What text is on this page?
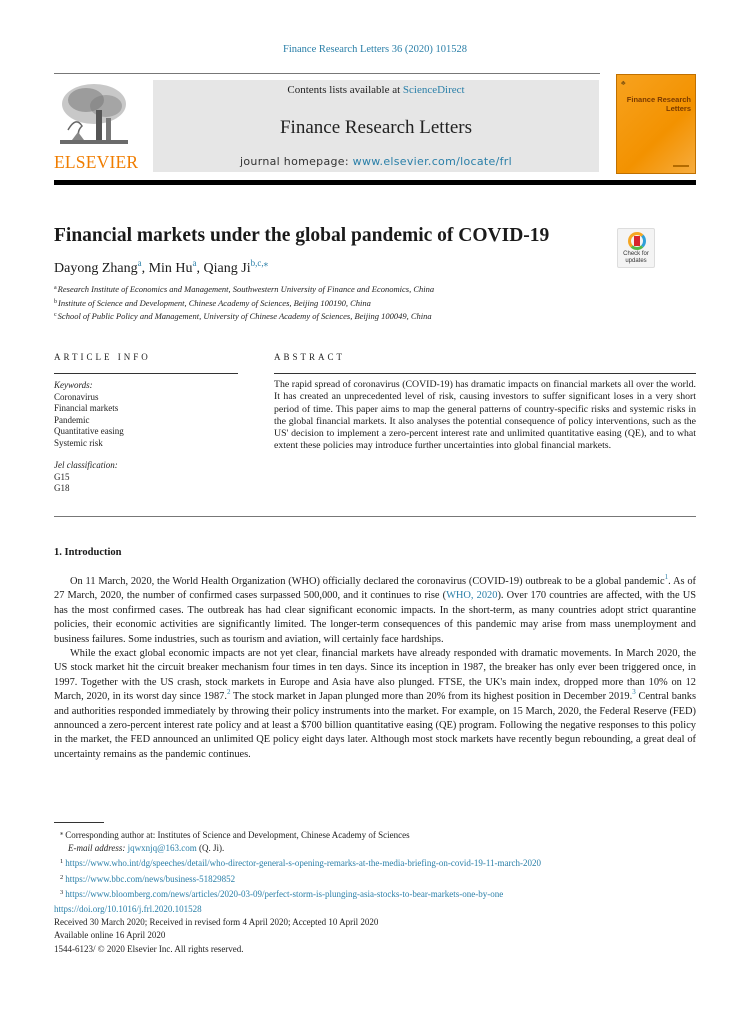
Finance Research Letters 36 (2020) 101528
ELSEVIER
Contents lists available at ScienceDirect
Finance Research Letters
journal homepage: www.elsevier.com/locate/frl
♣
Finance Research
Letters
Financial markets under the global pandemic of COVID-19
Check for
updates
Dayong Zhang$^a$, Min Hu$^a$, Qiang $Ji^{b,c,⁎}$
$^a$Research Institute of Economics and Management, Southwestern University of Finance and Economics, China
$^b$Institute of Science and Development, Chinese Academy of Sciences, Beijing 100190, China
$^c$School of Public Policy and Management, University of Chinese Academy of Sciences, Beijing 100049, China
ARTICLE INFO	ABSTRACT
Keywords:
Coronavirus
Financial markets
Pandemic
Quantitative easing
Systemic risk
Jel classification:
G15
G18
The rapid spread of coronavirus (COVID-19) has dramatic impacts on financial markets all over the world. It has created an unprecedented level of risk, causing investors to suffer significant loses in a very short period of time. This paper aims to map the general patterns of country-specific risks and systemic risks in the global financial markets. It also analyses the potential consequence of policy interventions, such as the US' decision to implement a zero-percent interest rate and unlimited quantitative easing (QE), and to what extent these policies may introduce further uncertainties into global financial markets.
1. Introduction

On 11 March, 2020, the World Health Organization (WHO) officially declared the coronavirus (COVID-19) outbreak to be a global pandemic$^1$. As of 27 March, 2020, the number of confirmed cases surpassed 500,000, and it continues to rise (WHO, 2020). Over 170 countries are affected, with the US has the most confirmed cases. The outbreak has had clear significant economic impacts. In the short-term, as many countries adopt strict quarantine policies, their economic activities are significantly limited. The longer-term consequences of this pandemic may arise from mass unemployment and business failures. Some industries, such as tourism and aviation, will certainly face hardships.

While the exact global economic impacts are not yet clear, financial markets have already responded with dramatic movements. In March 2020, the US stock market hit the circuit breaker mechanism four times in ten days. Since its inception in 1987, the breaker has only ever been triggered once, in 1997. Together with the US crash, stock markets in Europe and Asia have also plunged. FTSE, the UK's main index, dropped more than 10% on 12 March, 2020, in its worst day since 1987.$^2$ The stock market in Japan plunged more than 20% from its highest position in December 2019.$^3$ Central banks and authorities responded immediately by throwing their policy instruments into the market. For example, on 15 March, 2020, the Federal Reserve (FED) announced a zero-percent interest rate policy and at least a $700 billion quantitative easing (QE) program. Following the negative responses to this policy in the market, the FED announced an unlimited QE policy eight days later. Although most stock markets have recently begun rebounding, a great deal of uncertainty remains as the pandemic continues.

⁎ Corresponding author at: Institutes of Science and Development, Chinese Academy of Sciences
E-mail address: jqwxnjq@163.com (Q. Ji).
$^1$ https://www.who.int/dg/speeches/detail/who-director-general-s-opening-remarks-at-the-media-briefing-on-covid-19-11-march-2020
$^2$ https://www.bbc.com/news/business-51829852
$^3$ https://www.bloomberg.com/news/articles/2020-03-09/perfect-storm-is-plunging-asia-stocks-to-bear-markets-one-by-one
https://doi.org/10.1016/j.frl.2020.101528
Received 30 March 2020; Received in revised form 4 April 2020; Accepted 10 April 2020
Available online 16 April 2020
1544-6123/ © 2020 Elsevier Inc. All rights reserved.
